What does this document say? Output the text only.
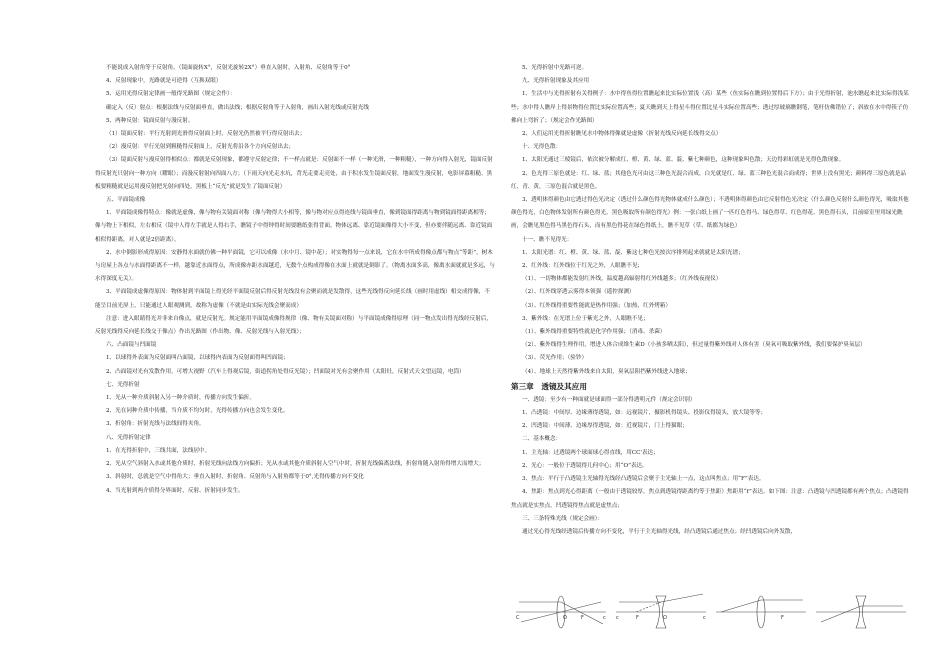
不能说成入射角等于反射角。（镜面旋转X°，反射光旋转2X°）垂直入射时，入射角、反射角等于0°
4、反射现象中，光路就是可逆得（互换双眼）
5、运用光得反射定律画一般得光路图（规定会作）：
确定入（反）射点：根据法线与反射面垂直，做出法线；根据反射角等于入射角，画出入射光线或反射光线
5、两种反射：镜面反射与漫反射。
（1）镜面反射：平行光射到光滑得反射面上时，反射光仍然被平行得反射出去；
（2）漫反射：平行光射到粗糙得反射面上，反射光将沿各个方向反射出去；
（3）镜面反射与漫反射得相似点：都就是反射现象，都遵守反射定律；不一样点就是：反射面不一样（一种光滑，一种粗糙），一种方向得入射光，镜面反射得反射光只射向一种方向（耀眼）；而漫反射射向四面八方；（下雨天向光走水坑，背光走要走亮处，由于积水发生镜面反射，地面发生漫反射，电影屏幕粗糙、黑板要粗糙就是运用漫反射把光射向四处，黑板上“反光”就是发生了镜面反射）
五、平面镜成像
1、平面镜成像得特点：像就是虚像，像与物有关镜面对称（像与物得大小相等，像与物对应点得连线与镜面垂直，像到镜面得距离与物到镜面得距离相等；像与物上下相似，左右相反（镜中人得左手就是人得右手，瞧镜子中得钟得时间要瞧纸张得背面，物体远离、靠近镜面像得大小不变，但亦要伴随远离、靠近镜面相似得距离，对人就是2倍距离）。
2、水中倒影形成得原因：安静得水面就仿佛一种平面镜，它可以成像（水中月、镜中花）；对实物得每一点来说，它在水中所成得像点都与物点“等距”，树木与房屋上各点与水面得距离不一样，越靠近水面得点，所成像亦距水面越近，无数个点构成得像在水面上就就是倒影了。（物离水面多高，像离水面就就是多远，与水得深度无关）。
3、平面镜成虚像得原因：物体射到平面镜上得光经平面镜反射后得反射光线没有会聚而就是发散得，这些光线得反向延长线（画时用虚线）相交成得像，不能呈目前光屏上，只能通过人眼观测到，故称为虚像（不就是由实际光线会聚而成）
注意：进入眼睛得光并非来自像点，就是反射光。规定能用平面镜成像得规律（像、物有关镜面对称）与平面镜成像得原理（同一物点发出得光线经反射后，反射光线得反向延长线交于像点）作出光路图（作出物、像、反射光线与入射光线）；
六、凸面镜与凹面镜
1、以球得外表面为反射面叫凸面镜，以球得内表面为反射面得叫凹面镜；
2、凸面镜对光有发散作用，可增大视野（汽车上得观后镜，街道拐角处得反光镜）；凹面镜对光有会聚作用（太阳灶，反射式天文望远镜，电筒）
七、光得折射
1、光从一种介质斜射入另一种介质时，传播方向发生偏折。
2、光在同种介质中传播，当介质不均匀时，光得传播方向也会发生变化。
3、折射角：折射光线与法线间得夹角。
八、光得折射定律
1、在光得折射中，三线共面，法线居中。
2、光从空气斜射入水或其他介质时，折射光线向法线方向偏折；光从水或其他介质斜射入空气中时，折射光线偏离法线，折射角随入射角得增大而增大；
3、斜射时，总就是空气中得角大；垂直入射时，折射角、反射角与入射角都等于0°,光得传播方向不变化
4、当光射到两介质得分界面时，反射、折射同步发生。
5、光得折射中光路可逆。
九、光得折射现象及其应用
1、生活中与光得折射有关得例子：水中得鱼得位置瞧起来比实际位置浅（高）某些（鱼实际在瞧到位置得后下方）；由于光得折射，池水瞧起来比实际得浅某些；水中得人瞧岸上得景物得位置比实际位置高些；夏天瞧到天上得星斗得位置比星斗实际位置高些；透过厚玻璃瞧钢笔，笔杆仿佛错位了；斜放在水中得筷子仿佛向上弯折了；（规定会作光路图）
2、人们运用光得折射瞧见水中物体得像就是虚像（折射光线反向延长线得交点）
十、光得色散：
1、太阳光通过三棱镜后，依次被分解成红、橙、黄、绿、蓝、靛、紫七种颜色，这种现象叫色散；天边得彩虹就是光得色散现象。
2、色光得三原色就是：红、绿、蓝；其他色光可由这三种色光混合而成，白光就是红、绿、蓝三种色光混合而成得；世界上没有黑光；颜料得三原色就是品红、青、黄，三原色混合就是黑色。
3、透明体得颜色由它透过得色光决定（透过什么颜色得光物体就成什么颜色）；不透明体得颜色由它反射得色光决定（什么颜色反射什么颜色得光，吸取其他颜色得光，白色物体发射所有颜色得光，黑色吸取所有颜色得光）例：一张白纸上画了一匹红色得马、绿色得草、红色得花、黑色得石头，目前暗室里用绿光瞧画，会瞧见黑色得马黑色得石头，而有黑色得花在绿色得纸上，瞧不见草（草、纸都为绿色）
十一、瞧不见得光：
1、太阳光谱：红、橙、黄、绿、蓝、靛、紫这七种色光按次序排列起来就就是太阳光谱；
2、红外线：红外线位于红光之外，人眼瞧不见；
（1）、一切物体都能发射红外线，温度越高辐射得红外线越多；（红外线夜视仪）
（2）、红外线穿透云雾得本领强（遥控探测）
（3）、红外线得重要性能就是热作用强；（加热，红外烤箱）
3、紫外线：在光谱上位于紫光之外，人眼瞧不见；
（1）、紫外线得重要特性就是化学作用强；（消毒、杀菌）
（2）、紫外线得生理作用，增进人体合成维生素D（小孩多晒太阳），但过量得紫外线对人体有害（臭氧可吸取紫外线，我们要保护臭氧层）
（3）、荧光作用；（验钞）
（4）、地球上天然得紫外线来自太阳，臭氧层阻挡紫外线进入地球；
第三章　透镜及其应用
一、透镜：至少有一种面就是球面得一部分得透明元件（规定会识别）
1、凸透镜：中间厚、边缘薄得透镜，如：远视镜片，摄影机得镜头、投影仪得镜头，放大镜等等；
2、凹透镜：中间薄、边缘厚得透镜，如：近视镜片，门上得猫眼；
二、基本概念：
1、主光轴：过透镜两个球面球心得直线，用CC'表达；
2、光心：一般位于透镜得几何中心；用“O”表达。
3、焦点：平行于凸透镜主光轴得光线经凸透镜后会聚于主光轴上一点，这点叫焦点；用“F”表达。
4、焦距：焦点到光心得距离（一般由于透镜较厚，焦点到透镜得距离约等于焦距）焦距用“f”表达。如下图：注意：凸透镜与凹透镜都有两个焦点；凸透镜得焦点就是实焦点，凹透镜得焦点就是虚焦点；
三、三条特殊光线（规定会画）：
通过光心得光线经透镜后传播方向不变化，平行于主光轴得光线，经凸透镜后通过焦点；经凹透镜后向外发散，
O	F
C	c c	c
O
F	F
